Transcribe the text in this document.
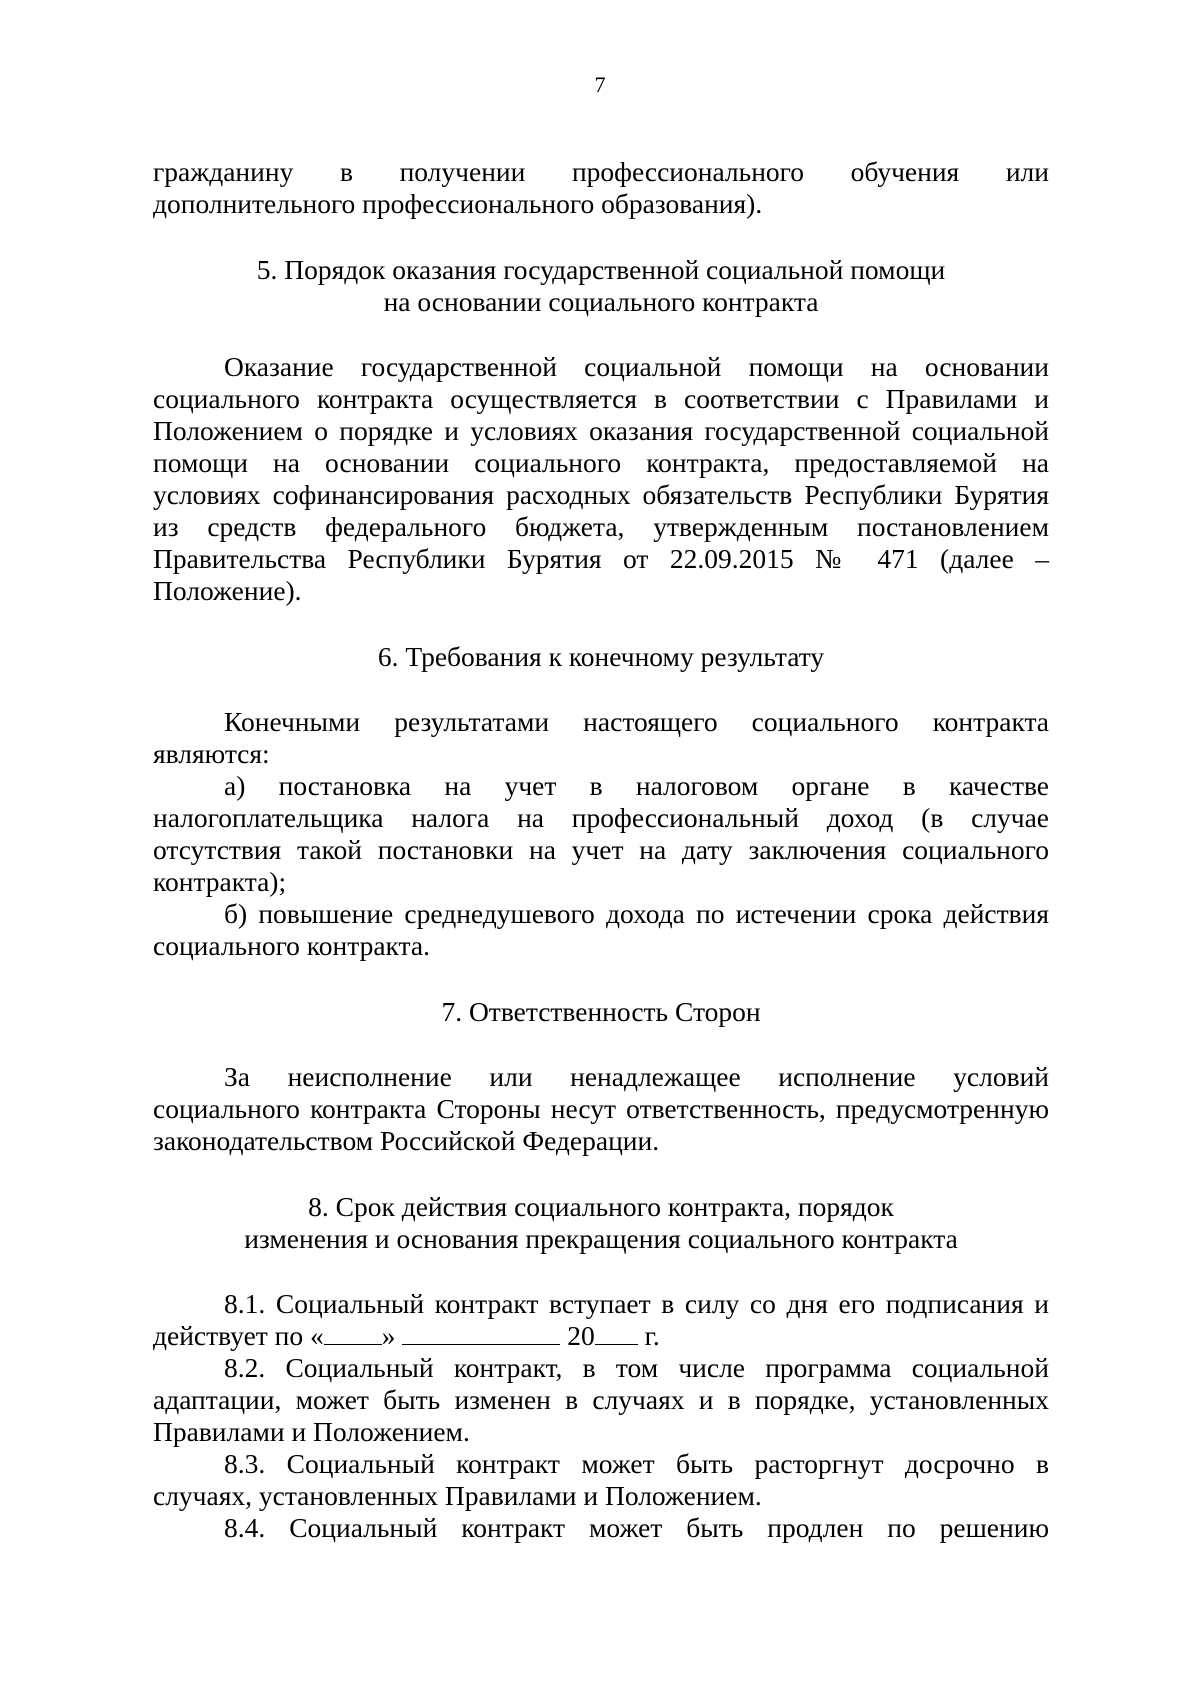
7

гражданину в получении профессионального обучения или дополнительного профессионального образования).

5. Порядок оказания государственной социальной помощи
на основании социального контракта

Оказание государственной социальной помощи на основании социального контракта осуществляется в соответствии с Правилами и Положением о порядке и условиях оказания государственной социальной помощи на основании социального контракта, предоставляемой на условиях софинансирования расходных обязательств Республики Бурятия из средств федерального бюджета, утвержденным постановлением Правительства Республики Бурятия от 22.09.2015 № 471 (далее – Положение).

6. Требования к конечному результату

Конечными результатами настоящего социального контракта являются:

а) постановка на учет в налоговом органе в качестве налогоплательщика налога на профессиональный доход (в случае отсутствия такой постановки на учет на дату заключения социального контракта);

б) повышение среднедушевого дохода по истечении срока действия социального контракта.

7. Ответственность Сторон

За неисполнение или ненадлежащее исполнение условий социального контракта Стороны несут ответственность, предусмотренную законодательством Российской Федерации.

8. Срок действия социального контракта, порядок
изменения и основания прекращения социального контракта

8.1. Социальный контракт вступает в силу со дня его подписания и действует по « »	20 г.

8.2. Социальный контракт, в том числе программа социальной адаптации, может быть изменен в случаях и в порядке, установленных Правилами и Положением.

8.3. Социальный контракт может быть расторгнут досрочно в случаях, установленных Правилами и Положением.

8.4. Социальный контракт может быть продлен по решению
